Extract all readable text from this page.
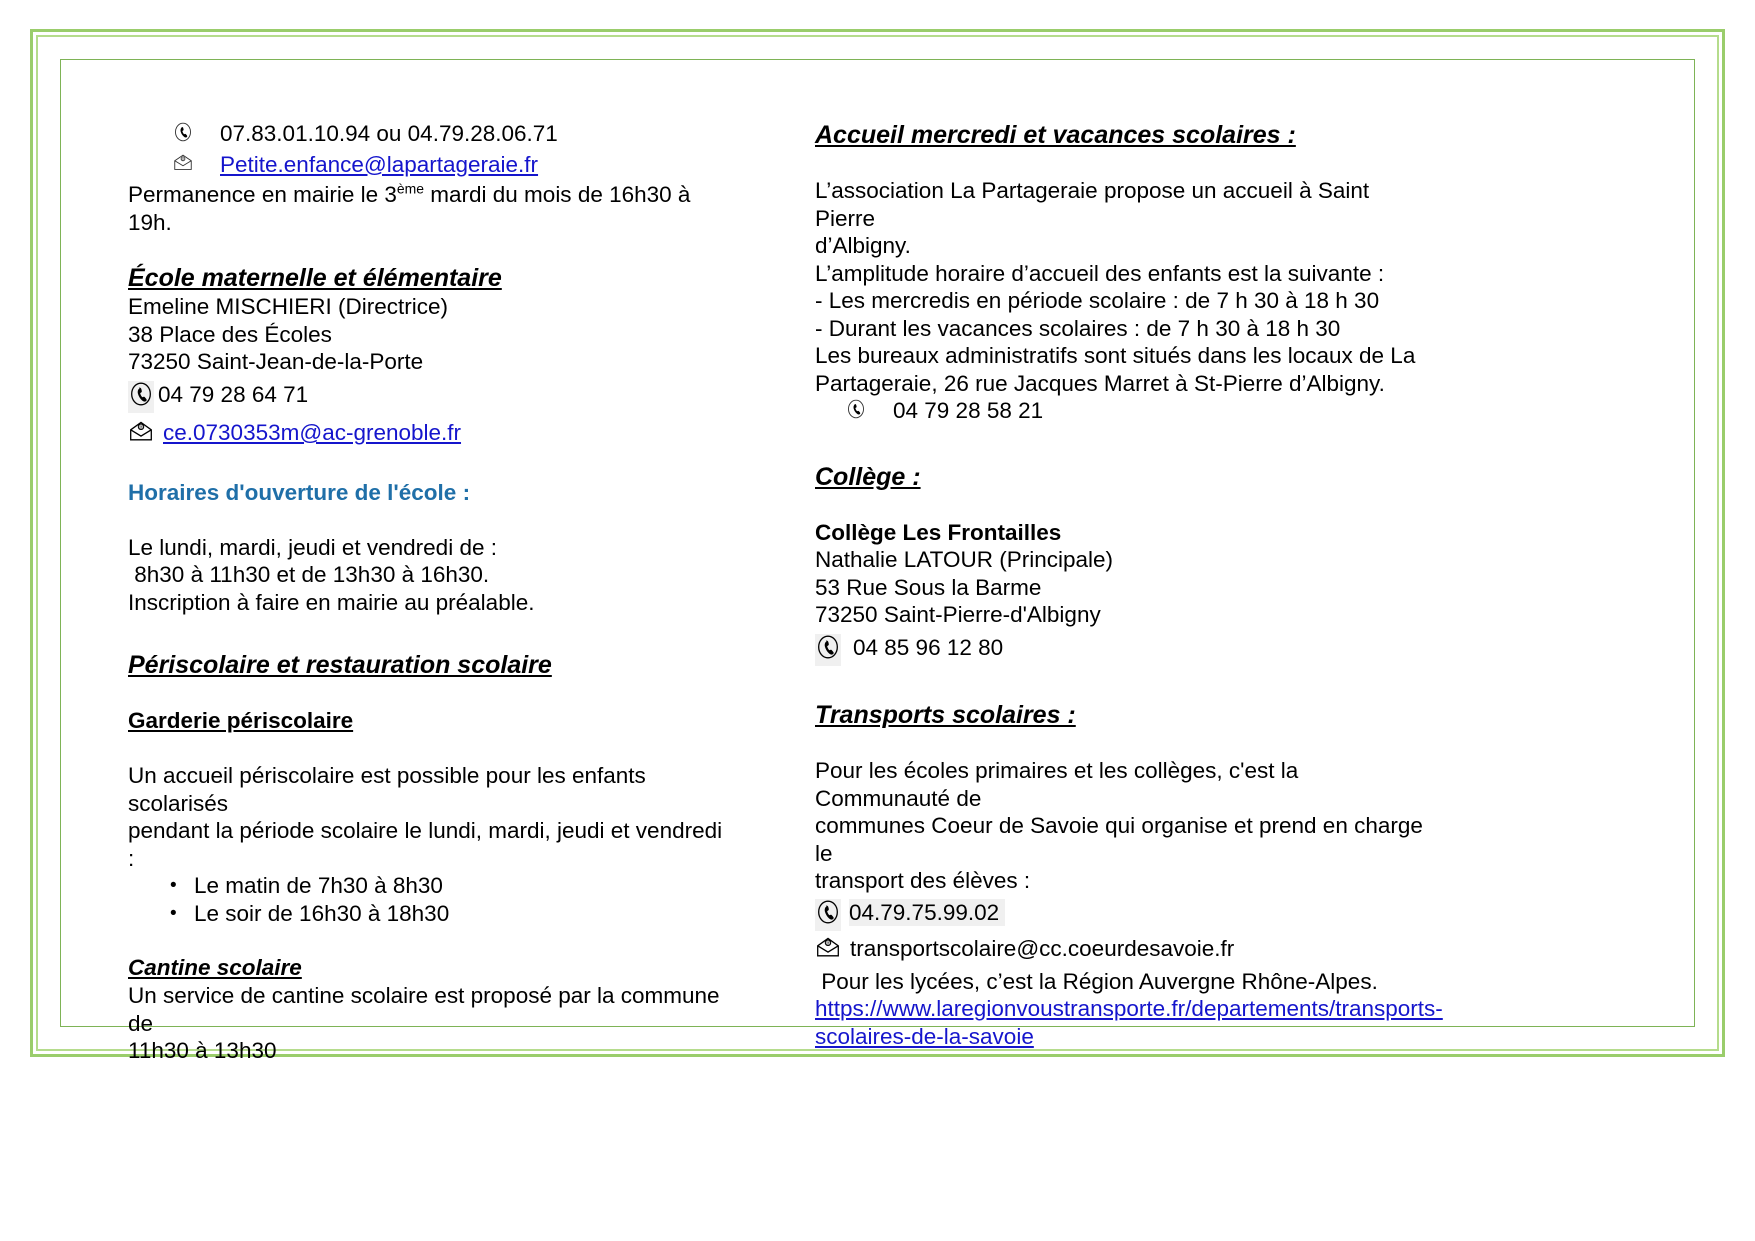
07.83.01.10.94 ou 04.79.28.06.71
@ Petite.enfance@lapartageraie.fr
Permanence en mairie le 3ème mardi du mois de 16h30 à 19h.
École maternelle et élémentaire
Emeline MISCHIERI (Directrice)
38 Place des Écoles
73250 Saint-Jean-de-la-Porte
04 79 28 64 71
@ ce.0730353m@ac-grenoble.fr
Horaires d'ouverture de l'école :
Le lundi, mardi, jeudi et vendredi de :
8h30 à 11h30 et de 13h30 à 16h30.
Inscription à faire en mairie au préalable.
Périscolaire et restauration scolaire
Garderie périscolaire
Un accueil périscolaire est possible pour les enfants scolarisés
pendant la période scolaire le lundi, mardi, jeudi et vendredi :
• Le matin de 7h30 à 8h30
• Le soir de 16h30 à 18h30
Cantine scolaire
Un service de cantine scolaire est proposé par la commune de
11h30 à 13h30
Accueil mercredi et vacances scolaires :
L’association La Partageraie propose un accueil à Saint Pierre
d’Albigny.
L’amplitude horaire d’accueil des enfants est la suivante :
- Les mercredis en période scolaire : de 7 h 30 à 18 h 30
- Durant les vacances scolaires : de 7 h 30 à 18 h 30
Les bureaux administratifs sont situés dans les locaux de La
Partageraie, 26 rue Jacques Marret à St-Pierre d’Albigny.
04 79 28 58 21
Collège :
Collège Les Frontailles
Nathalie LATOUR (Principale)
53 Rue Sous la Barme
73250 Saint-Pierre-d'Albigny
04 85 96 12 80
Transports scolaires :
Pour les écoles primaires et les collèges, c'est la Communauté de
communes Coeur de Savoie qui organise et prend en charge le
transport des élèves :
04.79.75.99.02
@ transportscolaire@cc.coeurdesavoie.fr
Pour les lycées, c’est la Région Auvergne Rhône-Alpes.
https://www.laregionvoustransporte.fr/departements/transports-
scolaires-de-la-savoie
